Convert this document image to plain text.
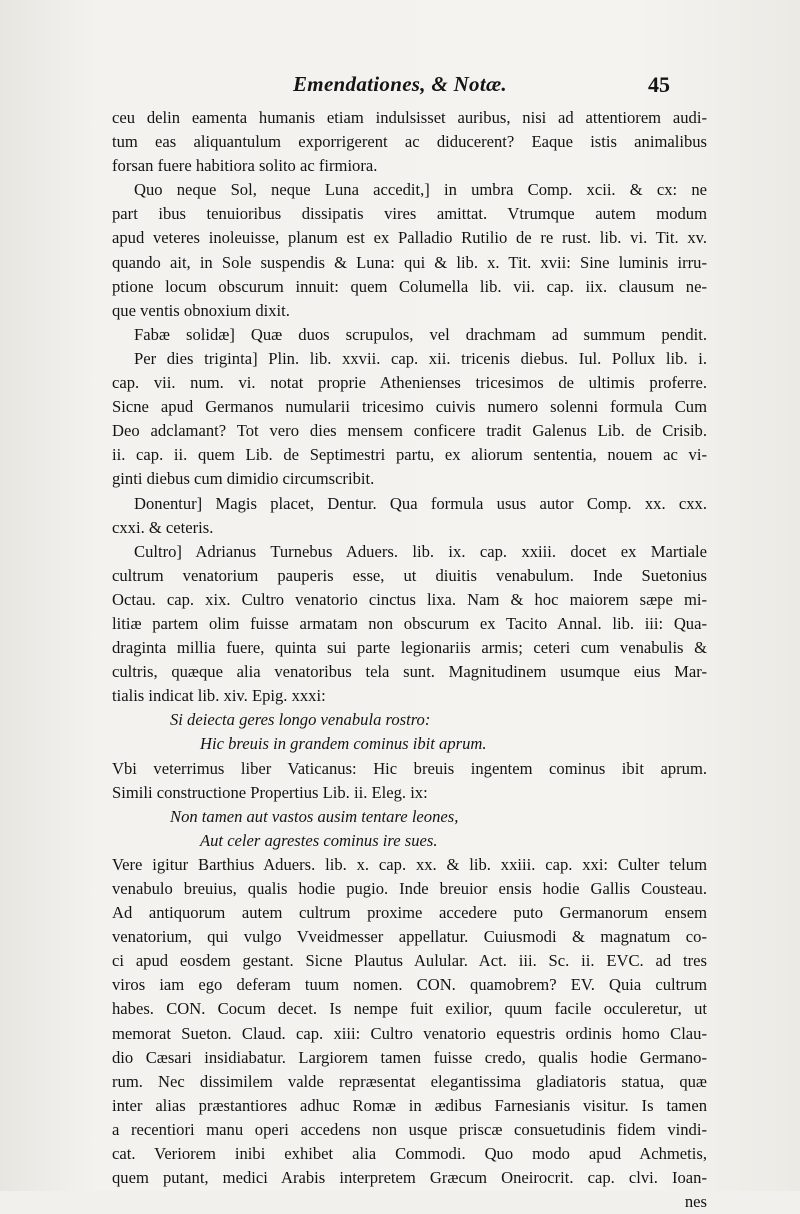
Emendationes, & Notæ.	45
ceu delin eamenta humanis etiam indulsisset auribus, nisi ad attentiorem audi-
tum eas aliquantulum exporrigerent ac diducerent? Eaque istis animalibus
forsan fuere habitiora solito ac firmiora.
Quo neque Sol, neque Luna accedit,] in umbra Comp. xcii. & cx: ne
part ibus tenuioribus dissipatis vires amittat. Vtrumque autem modum
apud veteres inoleuisse, planum est ex Palladio Rutilio de re rust. lib. vi. Tit. xv.
quando ait, in Sole suspendis & Luna: qui & lib. x. Tit. xvii: Sine luminis irru-
ptione locum obscurum innuit: quem Columella lib. vii. cap. iix. clausum ne-
que ventis obnoxium dixit.
Fabæ solidæ] Quæ duos scrupulos, vel drachmam ad summum pendit.
Per dies triginta] Plin. lib. xxvii. cap. xii. tricenis diebus. Iul. Pollux lib. i.
cap. vii. num. vi. notat proprie Athenienses tricesimos de ultimis proferre.
Sicne apud Germanos numularii tricesimo cuivis numero solenni formula Cum
Deo adclamant? Tot vero dies mensem conficere tradit Galenus Lib. de Crisib.
ii. cap. ii. quem Lib. de Septimestri partu, ex aliorum sententia, nouem ac vi-
ginti diebus cum dimidio circumscribit.
Donentur] Magis placet, Dentur. Qua formula usus autor Comp. xx. cxx.
cxxi. & ceteris.
Cultro] Adrianus Turnebus Aduers. lib. ix. cap. xxiii. docet ex Martiale
cultrum venatorium pauperis esse, ut diuitis venabulum. Inde Suetonius
Octau. cap. xix. Cultro venatorio cinctus lixa. Nam & hoc maiorem sæpe mi-
litiæ partem olim fuisse armatam non obscurum ex Tacito Annal. lib. iii: Qua-
draginta millia fuere, quinta sui parte legionariis armis; ceteri cum venabulis &
cultris, quæque alia venatoribus tela sunt. Magnitudinem usumque eius Mar-
tialis indicat lib. xiv. Epig. xxxi:
Si deiecta geres longo venabula rostro:
Hic breuis in grandem cominus ibit aprum.
Vbi veterrimus liber Vaticanus: Hic breuis ingentem cominus ibit aprum.
Simili constructione Propertius Lib. ii. Eleg. ix:
Non tamen aut vastos ausim tentare leones,
Aut celer agrestes cominus ire sues.
Vere igitur Barthius Aduers. lib. x. cap. xx. & lib. xxiii. cap. xxi: Culter telum
venabulo breuius, qualis hodie pugio. Inde breuior ensis hodie Gallis Cousteau.
Ad antiquorum autem cultrum proxime accedere puto Germanorum ensem
venatorium, qui vulgo Vveidmesser appellatur. Cuiusmodi & magnatum co-
ci apud eosdem gestant. Sicne Plautus Aulular. Act. iii. Sc. ii. EVC. ad tres
viros iam ego deferam tuum nomen. CON. quamobrem? EV. Quia cultrum
habes. CON. Cocum decet. Is nempe fuit exilior, quum facile occuleretur, ut
memorat Sueton. Claud. cap. xiii: Cultro venatorio equestris ordinis homo Clau-
dio Cæsari insidiabatur. Largiorem tamen fuisse credo, qualis hodie Germano-
rum. Nec dissimilem valde repræsentat elegantissima gladiatoris statua, quæ
inter alias præstantiores adhuc Romæ in ædibus Farnesianis visitur. Is tamen
a recentiori manu operi accedens non usque priscæ consuetudinis fidem vindi-
cat. Veriorem inibi exhibet alia Commodi. Quo modo apud Achmetis,
quem putant, medici Arabis interpretem Græcum Oneirocrit. cap. clvi. Ioan-
nes
